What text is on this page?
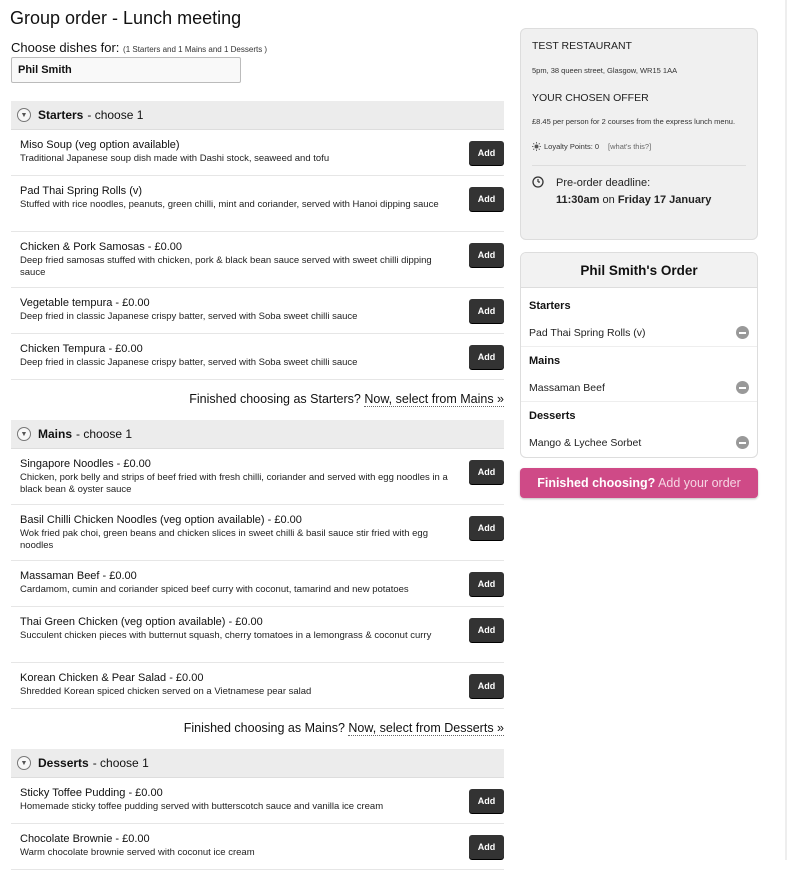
Group order - Lunch meeting
Choose dishes for: (1 Starters and 1 Mains and 1 Desserts )
Phil Smith
▼ Starters - choose 1
Miso Soup (veg option available)
Traditional Japanese soup dish made with Dashi stock, seaweed and tofu	Add
Pad Thai Spring Rolls (v)
Stuffed with rice noodles, peanuts, green chilli, mint and coriander, served with Hanoi dipping sauce	Add
Chicken & Pork Samosas - £0.00
Deep fried samosas stuffed with chicken, pork & black bean sauce served with sweet chilli dipping sauce
Add
Vegetable tempura - £0.00
Deep fried in classic Japanese crispy batter, served with Soba sweet chilli sauce	Add
Chicken Tempura - £0.00
Deep fried in classic Japanese crispy batter, served with Soba sweet chilli sauce	Add
Finished choosing as Starters? Now, select from Mains »
▼ Mains - choose 1
Singapore Noodles - £0.00
Chicken, pork belly and strips of beef fried with fresh chilli, coriander and served with egg noodles in a black bean & oyster sauce
Add
Basil Chilli Chicken Noodles (veg option available) - £0.00
Wok fried pak choi, green beans and chicken slices in sweet chilli & basil sauce stir fried with egg noodles
Add
Massaman Beef - £0.00
Cardamom, cumin and coriander spiced beef curry with coconut, tamarind and new potatoes	Add
Thai Green Chicken (veg option available) - £0.00
Succulent chicken pieces with butternut squash, cherry tomatoes in a lemongrass & coconut curry	Add
Korean Chicken & Pear Salad - £0.00
Shredded Korean spiced chicken served on a Vietnamese pear salad	Add
Finished choosing as Mains? Now, select from Desserts »
▼ Desserts - choose 1
Sticky Toffee Pudding - £0.00
Homemade sticky toffee pudding served with butterscotch sauce and vanilla ice cream	Add
Chocolate Brownie - £0.00
Warm chocolate brownie served with coconut ice cream	Add
TEST RESTAURANT
5pm, 38 queen street, Glasgow, WR15 1AA
YOUR CHOSEN OFFER
£8.45 per person for 2 courses from the express lunch menu.
Loyalty Points: 0 [what's this?]
Pre-order deadline:
11:30am on Friday 17 January
Phil Smith's Order
Starters
Pad Thai Spring Rolls (v)
Mains
Massaman Beef
Desserts
Mango & Lychee Sorbet
Finished choosing? Add your order
